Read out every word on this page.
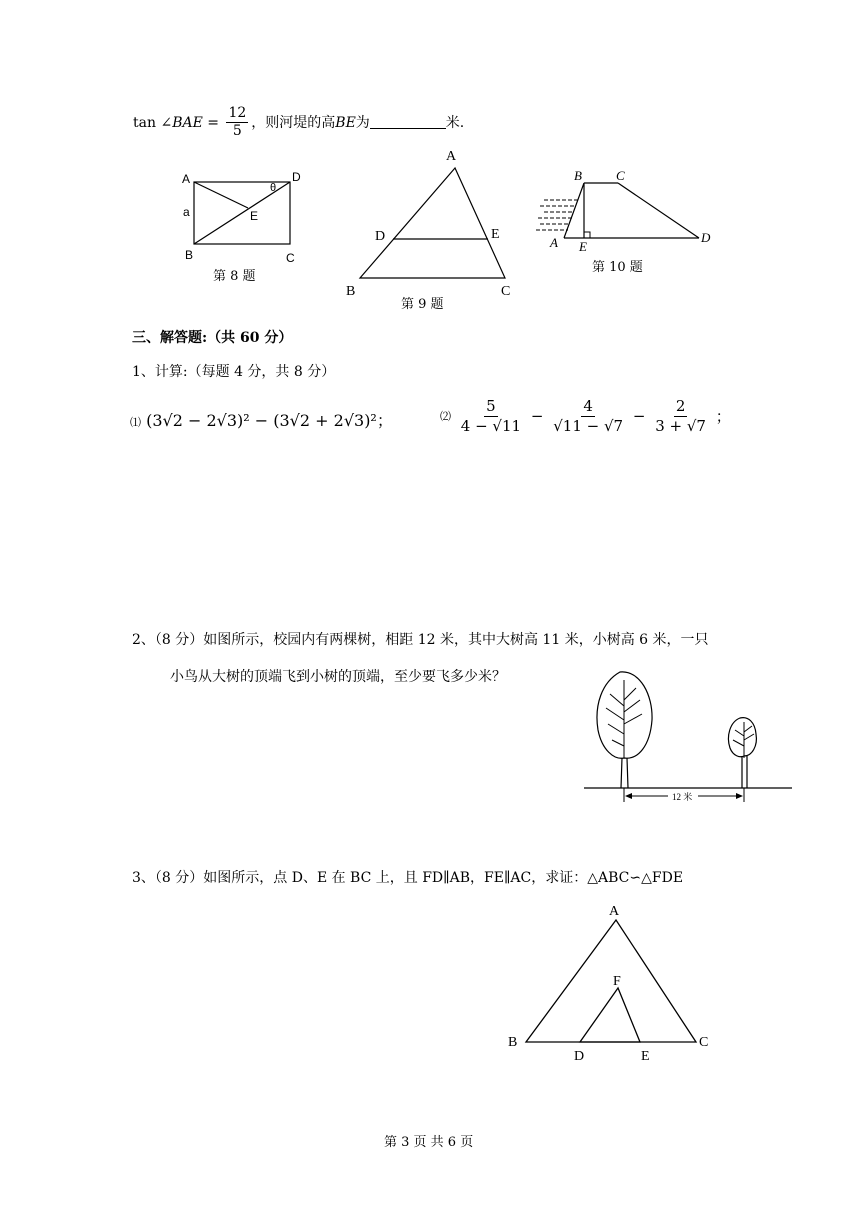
tan ∠BAE = $\frac{12}{5}$ ，则河堤的高BE为	米.
A	D
θ
a	E
B	C
第 8 题
A
D	E
B	C
第 9 题
B	C
A E
D
第 10 题
三、解答题:（共 60 分）
1、计算:（每题 4 分，共 8 分）
⑴ (3√2 − 2√3)² − (3√2 + 2√3)²；	⑵ $\frac{5}{4 - √11} - \frac{4}{√11 - √7} - \frac{2}{3 + √7}$ ；
2、（8 分）如图所示，校园内有两棵树，相距 12 米，其中大树高 11 米，小树高 6 米，一只
小鸟从大树的顶端飞到小树的顶端，至少要飞多少米？
12 米
3、（8 分）如图所示，点 D、E 在 BC 上，且 FD∥AB，FE∥AC，求证：△ABC∽△FDE
A
F
B	C
D	E
第 3 页 共 6 页
